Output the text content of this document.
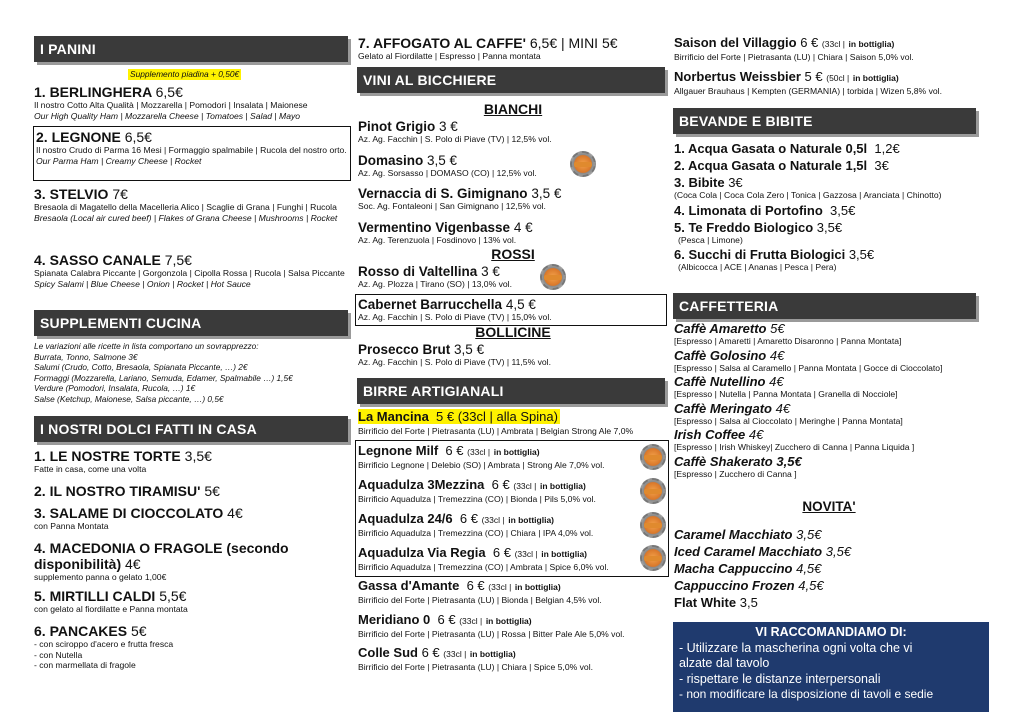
I PANINI
Supplemento piadina + 0,50€
1. BERLINGHERA 6,5€
Il nostro Cotto Alta Qualità | Mozzarella | Pomodori | Insalata | Maionese
Our High Quality Ham | Mozzarella Cheese | Tomatoes | Salad | Mayo
2. LEGNONE 6,5€
Il nostro Crudo di Parma 16 Mesi | Formaggio spalmabile | Rucola del nostro orto.
Our Parma Ham | Creamy Cheese | Rocket
3. STELVIO 7€
Bresaola di Magatello della Macelleria Alico | Scaglie di Grana | Funghi | Rucola
Bresaola (Local air cured beef) | Flakes of Grana Cheese | Mushrooms | Rocket
4. SASSO CANALE 7,5€
Spianata Calabra Piccante | Gorgonzola | Cipolla Rossa | Rucola | Salsa Piccante
Spicy Salami | Blue Cheese | Onion | Rocket | Hot Sauce
SUPPLEMENTI CUCINA
Le variazioni alle ricette in lista comportano un sovrapprezzo:
Burrata, Tonno, Salmone 3€
Salumi (Crudo, Cotto, Bresaola, Spianata Piccante, …) 2€
Formaggi (Mozzarella, Lariano, Semuda, Edamer, Spalmabile …) 1,5€
Verdure (Pomodori, Insalata, Rucola, …) 1€
Salse (Ketchup, Maionese, Salsa piccante, …) 0,5€
I NOSTRI DOLCI FATTI IN CASA
1. LE NOSTRE TORTE 3,5€
Fatte in casa, come una volta
2. IL NOSTRO TIRAMISU' 5€
3. SALAME DI CIOCCOLATO 4€
con Panna Montata
4. MACEDONIA O FRAGOLE (secondo
disponibilità) 4€
supplemento panna o gelato 1,00€
5. MIRTILLI CALDI 5,5€
con gelato al fiordilatte e Panna montata
6. PANCAKES 5€
- con sciroppo d'acero e frutta fresca
- con Nutella
- con marmellata di fragole
7. AFFOGATO AL CAFFE' 6,5€ | MINI 5€
Gelato al Fiordilatte | Espresso | Panna montata
VINI AL BICCHIERE
BIANCHI
Pinot Grigio 3 €
Az. Ag. Facchin | S. Polo di Piave (TV) | 12,5% vol.
Domasino 3,5 €
Az. Ag. Sorsasso | DOMASO (CO) | 12,5% vol.
Vernaccia di S. Gimignano 3,5 €
Soc. Ag. Fontaleoni | San Gimignano | 12,5% vol.
Vermentino Vigenbasse 4 €
Az. Ag. Terenzuola | Fosdinovo | 13% vol.
ROSSI
Rosso di Valtellina 3 €
Az. Ag. Plozza | Tirano (SO) | 13,0% vol.
Cabernet Barrucchella 4,5 €
Az. Ag. Facchin | S. Polo di Piave (TV) | 15,0% vol.
BOLLICINE
Prosecco Brut 3,5 €
Az. Ag. Facchin | S. Polo di Piave (TV) | 11,5% vol.
BIRRE ARTIGIANALI
La Mancina 5 € (33cl | alla Spina)
Birrificio del Forte | Pietrasanta (LU) | Ambrata | Belgian Strong Ale 7,0%
Legnone Milf 6 € (33cl | in bottiglia)
Birrificio Legnone | Delebio (SO) | Ambrata | Strong Ale 7,0% vol.
Aquadulza 3Mezzina 6 € (33cl | in bottiglia)
Birrificio Aquadulza | Tremezzina (CO) | Bionda | Pils 5,0% vol.
Aquadulza 24/6 6 € (33cl | in bottiglia)
Birrificio Aquadulza | Tremezzina (CO) | Chiara | IPA 4,0% vol.
Aquadulza Via Regia 6 € (33cl | in bottiglia)
Birrificio Aquadulza | Tremezzina (CO) | Ambrata | Spice 6,0% vol.
Gassa d'Amante 6 € (33cl | in bottiglia)
Birrificio del Forte | Pietrasanta (LU) | Bionda | Belgian 4,5% vol.
Meridiano 0 6 € (33cl | in bottiglia)
Birrificio del Forte | Pietrasanta (LU) | Rossa | Bitter Pale Ale 5,0% vol.
Colle Sud 6 € (33cl | in bottiglia)
Birrificio del Forte | Pietrasanta (LU) | Chiara | Spice 5,0% vol.
Saison del Villaggio 6 € (33cl | in bottiglia)
Birrificio del Forte | Pietrasanta (LU) | Chiara | Saison 5,0% vol.
Norbertus Weissbier 5 € (50cl | in bottiglia)
Allgauer Brauhaus | Kempten (GERMANIA) | torbida | Wizen 5,8% vol.
BEVANDE E BIBITE
1. Acqua Gasata o Naturale 0,5l 1,2€
2. Acqua Gasata o Naturale 1,5l 3€
3. Bibite 3€
(Coca Cola | Coca Cola Zero | Tonica | Gazzosa | Aranciata | Chinotto)
4. Limonata di Portofino 3,5€
5. Te Freddo Biologico 3,5€
(Pesca | Limone)
6. Succhi di Frutta Biologici 3,5€
(Albicocca | ACE | Ananas | Pesca | Pera)
CAFFETTERIA
Caffè Amaretto 5€
[Espresso | Amaretti | Amaretto Disaronno | Panna Montata]
Caffè Golosino 4€
[Espresso | Salsa al Caramello | Panna Montata | Gocce di Cioccolato]
Caffè Nutellino 4€
[Espresso | Nutella | Panna Montata | Granella di Nocciole]
Caffè Meringato 4€
[Espresso | Salsa al Cioccolato | Meringhe | Panna Montata]
Irish Coffee 4€
[Espresso | Irish Whiskey| Zucchero di Canna | Panna Liquida ]
Caffè Shakerato 3,5€
[Espresso | Zucchero di Canna ]
NOVITA'
Caramel Macchiato 3,5€
Iced Caramel Macchiato 3,5€
Macha Cappuccino 4,5€
Cappuccino Frozen 4,5€
Flat White 3,5
VI RACCOMANDIAMO DI:
- Utilizzare la mascherina ogni volta che vi
alzate dal tavolo
- rispettare le distanze interpersonali
- non modificare la disposizione di tavoli e sedie
